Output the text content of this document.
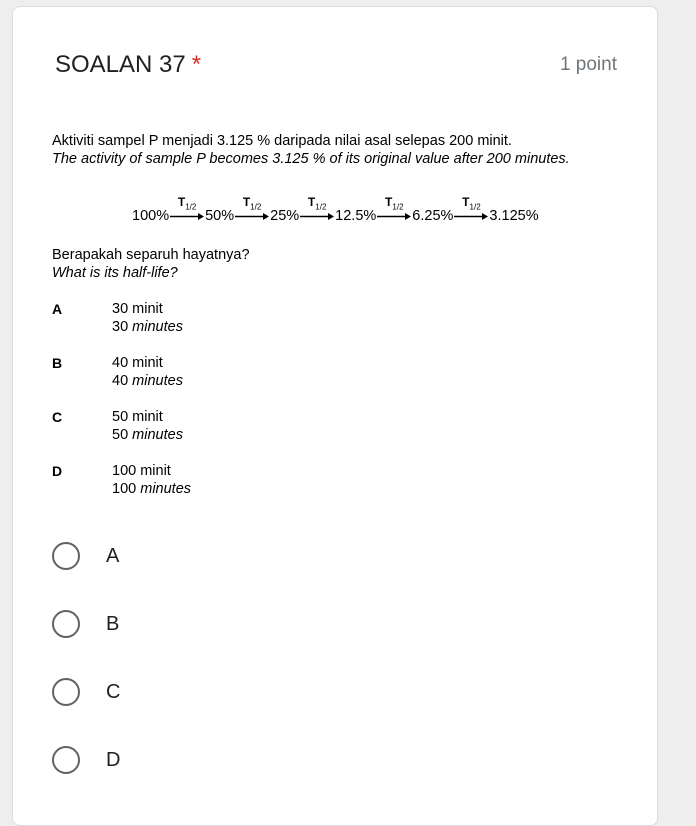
SOALAN 37 *	1 point
Aktiviti sampel P menjadi 3.125 % daripada nilai asal selepas 200 minit.
The activity of sample P becomes 3.125 % of its original value after 200 minutes.
100%
$T_{1/2}$
50%
$T_{1/2}$
25%
$T_{1/2}$
12.5%
$T_{1/2}$
6.25%
$T_{1/2}$
3.125%
Berapakah separuh hayatnya?
What is its half-life?
A	30 minit
30 minutes
B	40 minit
40 minutes
C	50 minit
50 minutes
D	100 minit
100 minutes
A
B
C
D
